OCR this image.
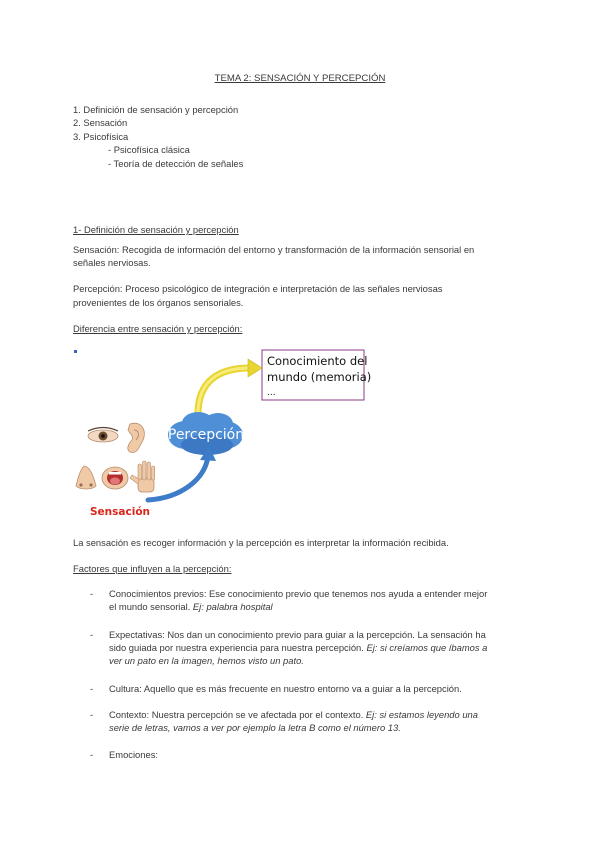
TEMA 2: SENSACIÓN Y PERCEPCIÓN
1. Definición de sensación y percepción
2. Sensación
3. Psicofísica
- Psicofísica clásica
- Teoría de detección de señales
1- Definición de sensación y percepción
Sensación: Recogida de información del entorno y transformación de la información sensorial en
señales nerviosas.
Percepción: Proceso psicológico de integración e interpretación de las señales nerviosas
provenientes de los órganos sensoriales.
Diferencia entre sensación y percepción:
Conocimiento del
mundo (memoria)
...
Percepción
Sensación
La sensación es recoger información y la percepción es interpretar la información recibida.
Factores que influyen a la percepción:
- Conocimientos previos: Ese conocimiento previo que tenemos nos ayuda a entender mejor
el mundo sensorial. Ej: palabra hospital
- Expectativas: Nos dan un conocimiento previo para guiar a la percepción. La sensación ha
sido guiada por nuestra experiencia para nuestra percepción. Ej: si creíamos que íbamos a
ver un pato en la imagen, hemos visto un pato.
- Cultura: Aquello que es más frecuente en nuestro entorno va a guiar a la percepción.
- Contexto: Nuestra percepción se ve afectada por el contexto. Ej: si estamos leyendo una
serie de letras, vamos a ver por ejemplo la letra B como el número 13.
- Emociones:
